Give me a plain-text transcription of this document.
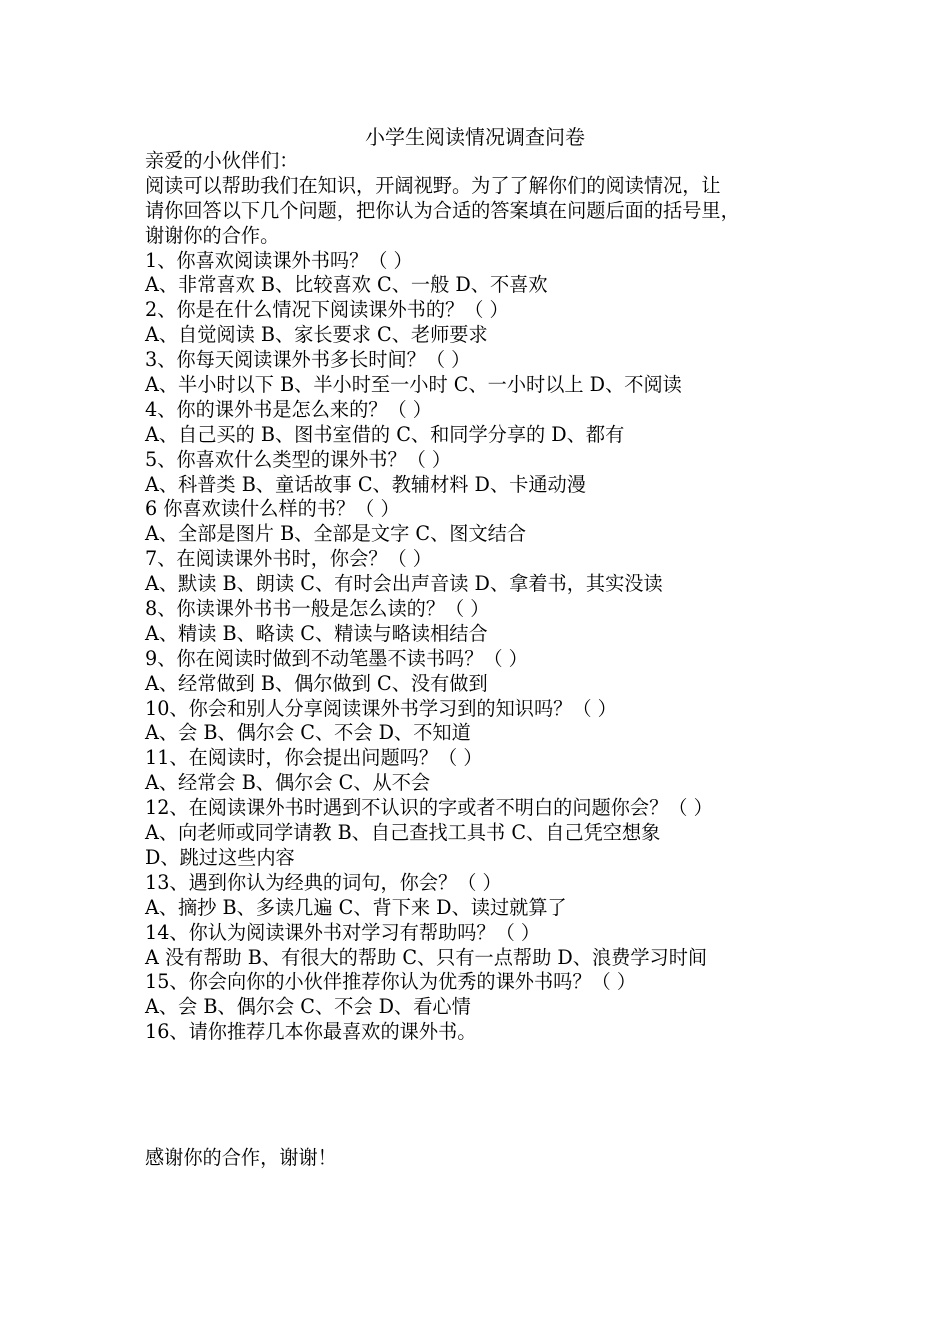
小学生阅读情况调查问卷
亲爱的小伙伴们：
阅读可以帮助我们在知识，开阔视野。为了了解你们的阅读情况，让
请你回答以下几个问题，把你认为合适的答案填在问题后面的括号里，
谢谢你的合作。
1、你喜欢阅读课外书吗？（ ）
A、非常喜欢 B、比较喜欢 C、一般 D、不喜欢
2、你是在什么情况下阅读课外书的？（ ）
A、自觉阅读 B、家长要求 C、老师要求
3、你每天阅读课外书多长时间？（ ）
A、半小时以下 B、半小时至一小时 C、一小时以上 D、不阅读
4、你的课外书是怎么来的？（ ）
A、自己买的 B、图书室借的 C、和同学分享的 D、都有
5、你喜欢什么类型的课外书？（ ）
A、科普类 B、童话故事 C、教辅材料 D、卡通动漫
6 你喜欢读什么样的书？（ ）
A、全部是图片 B、全部是文字 C、图文结合
7、在阅读课外书时，你会？（ ）
A、默读 B、朗读 C、有时会出声音读 D、拿着书，其实没读
8、你读课外书书一般是怎么读的？（ ）
A、精读 B、略读 C、精读与略读相结合
9、你在阅读时做到不动笔墨不读书吗？（ ）
A、经常做到 B、偶尔做到 C、没有做到
10、你会和别人分享阅读课外书学习到的知识吗？（ ）
A、会 B、偶尔会 C、不会 D、不知道
11、在阅读时，你会提出问题吗？（ ）
A、经常会 B、偶尔会 C、从不会
12、在阅读课外书时遇到不认识的字或者不明白的问题你会？（ ）
A、向老师或同学请教 B、自己查找工具书 C、自己凭空想象
D、跳过这些内容
13、遇到你认为经典的词句，你会？（ ）
A、摘抄 B、多读几遍 C、背下来 D、读过就算了
14、你认为阅读课外书对学习有帮助吗？（ ）
A 没有帮助 B、有很大的帮助 C、只有一点帮助 D、浪费学习时间
15、你会向你的小伙伴推荐你认为优秀的课外书吗？（ ）
A、会 B、偶尔会 C、不会 D、看心情
16、请你推荐几本你最喜欢的课外书。
感谢你的合作，谢谢！
